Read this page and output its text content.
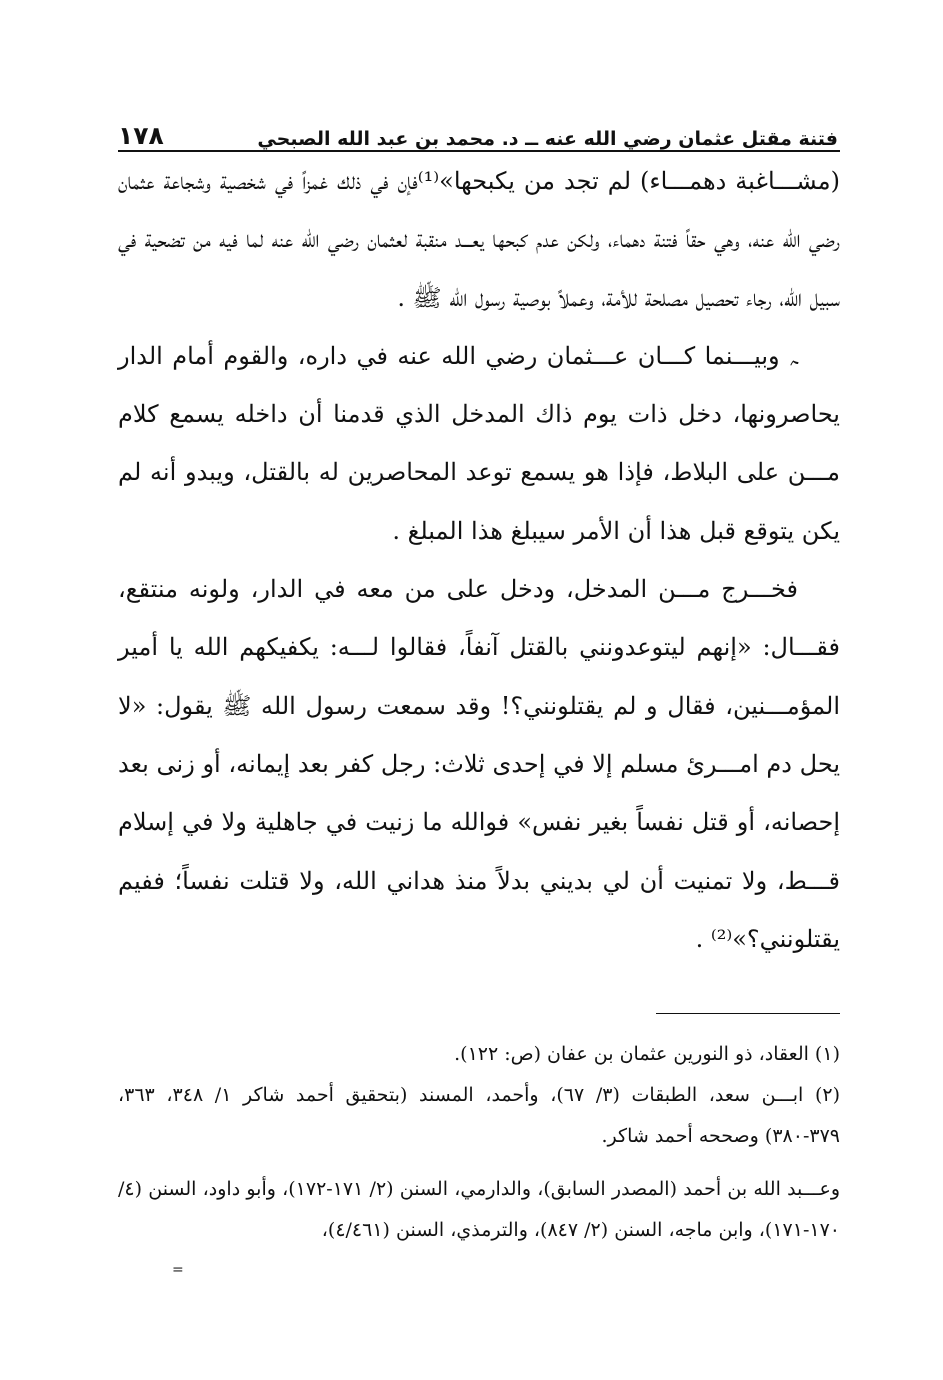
فتنة مقتل عثمان رضي الله عنه ــ د. محمد بن عبد الله الصبحي
١٧٨

(مشـــاغبة دهمـــاء) لم تجد من يكبحها»⁽¹⁾فإن في ذلك غمزاً في شخصية وشجاعة عثمان رضي الله عنه، وهي حقاً فتنة دهماء، ولكن عدم كبحها يعـــد منقبة لعثمان رضي الله عنه لما فيه من تضحية في سبيل الله، رجاء تحصيل مصلحة للأمة، وعملاً بوصية رسول الله ﷺ .

ﮧ وبيـــنما كـــان عـــثمان رضي الله عنه في داره، والقوم أمام الدار يحاصرونها، دخل ذات يوم ذاك المدخل الذي قدمنا أن داخله يسمع كلام مـــن على البلاط، فإذا هو يسمع توعد المحاصرين له بالقتل، ويبدو أنه لم يكن يتوقع قبل هذا أن الأمر سيبلغ هذا المبلغ .

فخـــرج مـــن المدخل، ودخل على من معه في الدار، ولونه منتقع، فقـــال: «إنهم ليتوعدونني بالقتل آنفاً، فقالوا لـــه: يكفيكهم الله يا أمير المؤمـــنين، فقال و لم يقتلونني؟! وقد سمعت رسول الله ﷺ يقول: «لا يحل دم امـــرئ مسلم إلا في إحدى ثلاث: رجل كفر بعد إيمانه، أو زنى بعد إحصانه، أو قتل نفساً بغير نفس» فوالله ما زنيت في جاهلية ولا في إسلام قـــط، ولا تمنيت أن لي بديني بدلاً منذ هداني الله، ولا قتلت نفساً؛ ففيم يقتلونني؟»⁽²⁾ .

(١) العقاد، ذو النورين عثمان بن عفان (ص: ١٢٢).

(٢) ابـــن سعد، الطبقات (٣/ ٦٧)، وأحمد، المسند (بتحقيق أحمد شاكر ١/ ٣٤٨، ٣٦٣، ٣٧٩-٣٨٠) وصححه أحمد شاكر.

وعـــبد الله بن أحمد (المصدر السابق)، والدارمي، السنن (٢/ ١٧١-١٧٢)، وأبو داود، السنن (٤/ ١٧٠-١٧١)، وابن ماجه، السنن (٢/ ٨٤٧)، والترمذي، السنن (٤/٤٦١)،

=
